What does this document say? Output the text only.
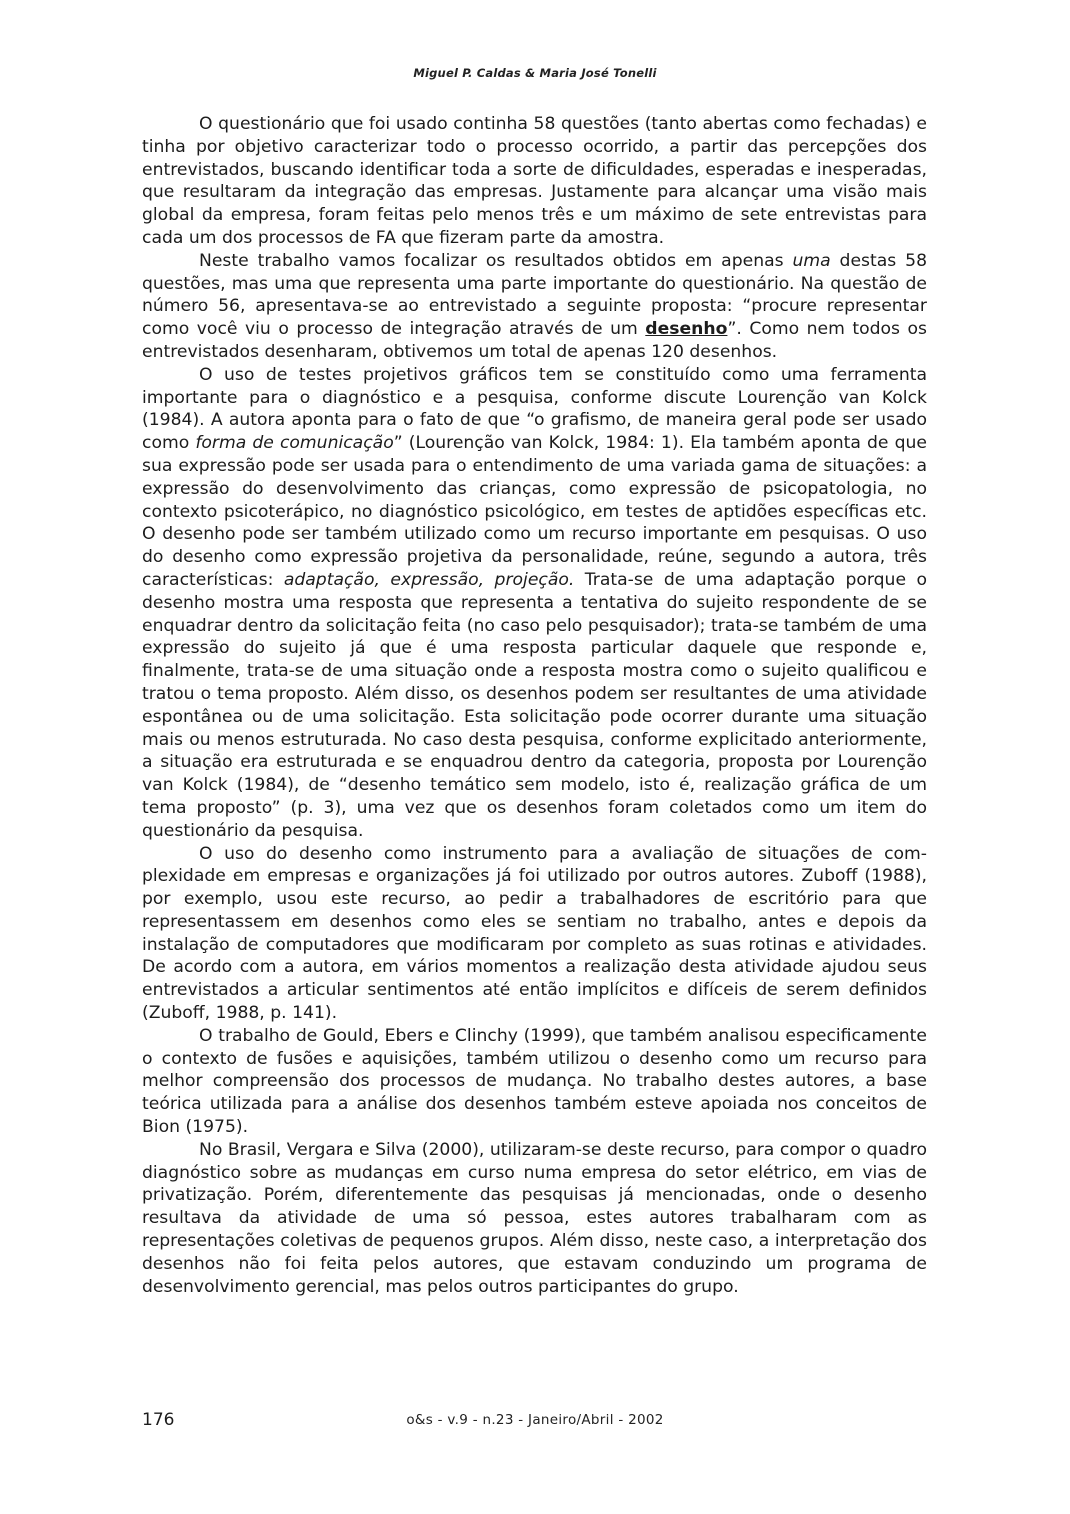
Miguel P. Caldas & Maria José Tonelli

O questionário que foi usado continha 58 questões (tanto abertas como fechadas) e tinha por objetivo caracterizar todo o processo ocorrido, a partir das percepções dos entrevistados, buscando identificar toda a sorte de dificuldades, esperadas e inesperadas, que resultaram da integração das empresas. Justamente para alcançar uma visão mais global da empresa, foram feitas pelo menos três e um máximo de sete entrevistas para cada um dos processos de FA que fizeram parte da amostra.

Neste trabalho vamos focalizar os resultados obtidos em apenas uma destas 58 questões, mas uma que representa uma parte importante do questionário. Na questão de número 56, apresentava-se ao entrevistado a seguinte proposta: “procure representar como você viu o processo de integração através de um desenho”. Como nem todos os entrevistados desenharam, obtivemos um total de apenas 120 desenhos.

O uso de testes projetivos gráficos tem se constituído como uma ferramenta importante para o diagnóstico e a pesquisa, conforme discute Lourenção van Kolck (1984). A autora aponta para o fato de que “o grafismo, de maneira geral pode ser usado como forma de comunicação” (Lourenção van Kolck, 1984: 1). Ela também aponta de que sua expressão pode ser usada para o entendimento de uma variada gama de situações: a expressão do desenvolvimento das crianças, como expressão de psicopatologia, no contexto psicoterápico, no diagnóstico psicológico, em testes de aptidões específicas etc. O desenho pode ser também utilizado como um recurso importante em pesquisas. O uso do desenho como expressão projetiva da personalidade, reúne, segundo a autora, três características: adaptação, expressão, projeção. Trata-se de uma adaptação porque o desenho mostra uma resposta que representa a tentativa do sujeito respondente de se enquadrar dentro da solicitação feita (no caso pelo pesquisador); trata-se também de uma expressão do sujeito já que é uma resposta particular daquele que responde e, finalmente, trata-se de uma situação onde a resposta mostra como o sujeito qualificou e tratou o tema proposto. Além disso, os desenhos podem ser resultantes de uma atividade espontânea ou de uma solicitação. Esta solicitação pode ocorrer durante uma situação mais ou menos estruturada. No caso desta pesquisa, conforme explicitado anteriormente, a situação era estruturada e se enquadrou dentro da categoria, proposta por Lourenção van Kolck (1984), de “desenho temático sem modelo, isto é, realização gráfica de um tema proposto” (p. 3), uma vez que os desenhos foram coletados como um item do questionário da pesquisa.

O uso do desenho como instrumento para a avaliação de situações de complexidade em empresas e organizações já foi utilizado por outros autores. Zuboff (1988), por exemplo, usou este recurso, ao pedir a trabalhadores de escritório para que representassem em desenhos como eles se sentiam no trabalho, antes e depois da instalação de computadores que modificaram por completo as suas rotinas e atividades. De acordo com a autora, em vários momentos a realização desta atividade ajudou seus entrevistados a articular sentimentos até então implícitos e difíceis de serem definidos (Zuboff, 1988, p. 141).

O trabalho de Gould, Ebers e Clinchy (1999), que também analisou especificamente o contexto de fusões e aquisições, também utilizou o desenho como um recurso para melhor compreensão dos processos de mudança. No trabalho destes autores, a base teórica utilizada para a análise dos desenhos também esteve apoiada nos conceitos de Bion (1975).

No Brasil, Vergara e Silva (2000), utilizaram-se deste recurso, para compor o quadro diagnóstico sobre as mudanças em curso numa empresa do setor elétrico, em vias de privatização. Porém, diferentemente das pesquisas já mencionadas, onde o desenho resultava da atividade de uma só pessoa, estes autores trabalharam com as representações coletivas de pequenos grupos. Além disso, neste caso, a interpretação dos desenhos não foi feita pelos autores, que estavam conduzindo um programa de desenvolvimento gerencial, mas pelos outros participantes do grupo.

176	o&s - v.9 - n.23 - Janeiro/Abril - 2002
